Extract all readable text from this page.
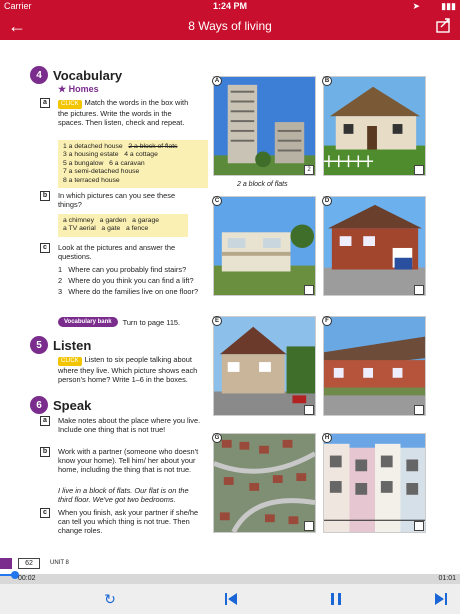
Carrier	1:24 PM	➤ ▮▮▮
←	8 Ways of living
4 Vocabulary
★ Homes
a	CLICK Match the words in the box with the pictures. Write the words in the spaces. Then listen, check and repeat.
1 a detached house 2 a block of flats
3 a housing estate 4 a cottage
5 a bungalow 6 a caravan
7 a semi-detached house
8 a terraced house
b	In which pictures can you see these things?
a chimney a garden a garage
a TV aerial a gate a fence
c	Look at the pictures and answer the questions.
1 Where can you probably find stairs?
2 Where do you think you can find a lift?
3 Where do the families live on one floor?
Vocabulary bank	Turn to page 115.
5 Listen
CLICK Listen to six people talking about where they live. Which picture shows each person's home? Write 1–6 in the boxes.
6 Speak
a	Make notes about the place where you live. Include one thing that is not true!
b	Work with a partner (someone who doesn't know your home). Tell him/ her about your home, including the thing that is not true.
I live in a block of flats. Our flat is on the third floor. We've got two bedrooms.
c	When you finish, ask your partner if she/he can tell you which thing is not true. Then change roles.
A
2
2 a block of flats
B
C	D
E	F
G	H
62	UNIT 8
00:02	01:01
↻
